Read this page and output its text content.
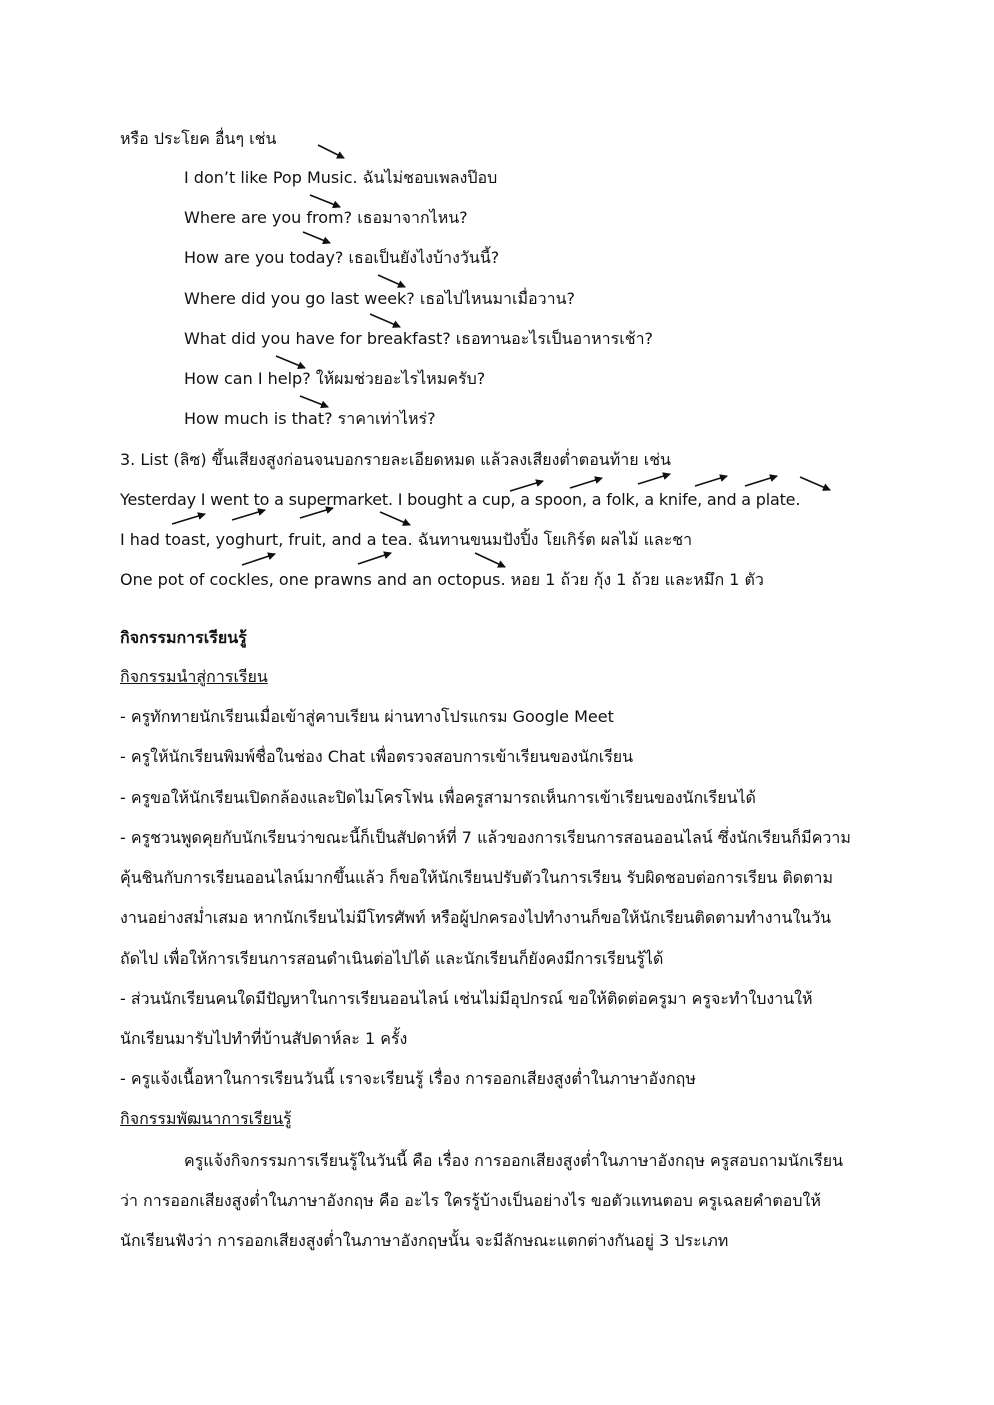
หรือ ประโยค อื่นๆ เช่น
I don’t like Pop Music. ฉันไม่ชอบเพลงป๊อบ
Where are you from? เธอมาจากไหน?
How are you today? เธอเป็นยังไงบ้างวันนี้?
Where did you go last week? เธอไปไหนมาเมื่อวาน?
What did you have for breakfast? เธอทานอะไรเป็นอาหารเช้า?
How can I help? ให้ผมช่วยอะไรไหมครับ?
How much is that? ราคาเท่าไหร่?
3. List (ลิซ) ขึ้นเสียงสูงก่อนจนบอกรายละเอียดหมด แล้วลงเสียงต่ำตอนท้าย เช่น
Yesterday I went to a supermarket. I bought a cup, a spoon, a folk, a knife, and a plate.
I had toast, yoghurt, fruit, and a tea. ฉันทานขนมปังปิ้ง โยเกิร์ต ผลไม้ และชา
One pot of cockles, one prawns and an octopus. หอย 1 ถ้วย กุ้ง 1 ถ้วย และหมึก 1 ตัว
กิจกรรมการเรียนรู้
กิจกรรมนำสู่การเรียน
- ครูทักทายนักเรียนเมื่อเข้าสู่คาบเรียน ผ่านทางโปรแกรม Google Meet
- ครูให้นักเรียนพิมพ์ชื่อในช่อง Chat เพื่อตรวจสอบการเข้าเรียนของนักเรียน
- ครูขอให้นักเรียนเปิดกล้องและปิดไมโครโฟน เพื่อครูสามารถเห็นการเข้าเรียนของนักเรียนได้
- ครูชวนพูดคุยกับนักเรียนว่าขณะนี้ก็เป็นสัปดาห์ที่ 7 แล้วของการเรียนการสอนออนไลน์ ซึ่งนักเรียนก็มีความ
คุ้นชินกับการเรียนออนไลน์มากขึ้นแล้ว ก็ขอให้นักเรียนปรับตัวในการเรียน รับผิดชอบต่อการเรียน ติดตาม
งานอย่างสม่ำเสมอ หากนักเรียนไม่มีโทรศัพท์ หรือผู้ปกครองไปทำงานก็ขอให้นักเรียนติดตามทำงานในวัน
ถัดไป เพื่อให้การเรียนการสอนดำเนินต่อไปได้ และนักเรียนก็ยังคงมีการเรียนรู้ได้
- ส่วนนักเรียนคนใดมีปัญหาในการเรียนออนไลน์ เช่นไม่มีอุปกรณ์ ขอให้ติดต่อครูมา ครูจะทำใบงานให้
นักเรียนมารับไปทำที่บ้านสัปดาห์ละ 1 ครั้ง
- ครูแจ้งเนื้อหาในการเรียนวันนี้ เราจะเรียนรู้ เรื่อง การออกเสียงสูงต่ำในภาษาอังกฤษ
กิจกรรมพัฒนาการเรียนรู้
ครูแจ้งกิจกรรมการเรียนรู้ในวันนี้ คือ เรื่อง การออกเสียงสูงต่ำในภาษาอังกฤษ ครูสอบถามนักเรียน
ว่า การออกเสียงสูงต่ำในภาษาอังกฤษ คือ อะไร ใครรู้บ้างเป็นอย่างไร ขอตัวแทนตอบ ครูเฉลยคำตอบให้
นักเรียนฟังว่า การออกเสียงสูงต่ำในภาษาอังกฤษนั้น จะมีลักษณะแตกต่างกันอยู่ 3 ประเภท
